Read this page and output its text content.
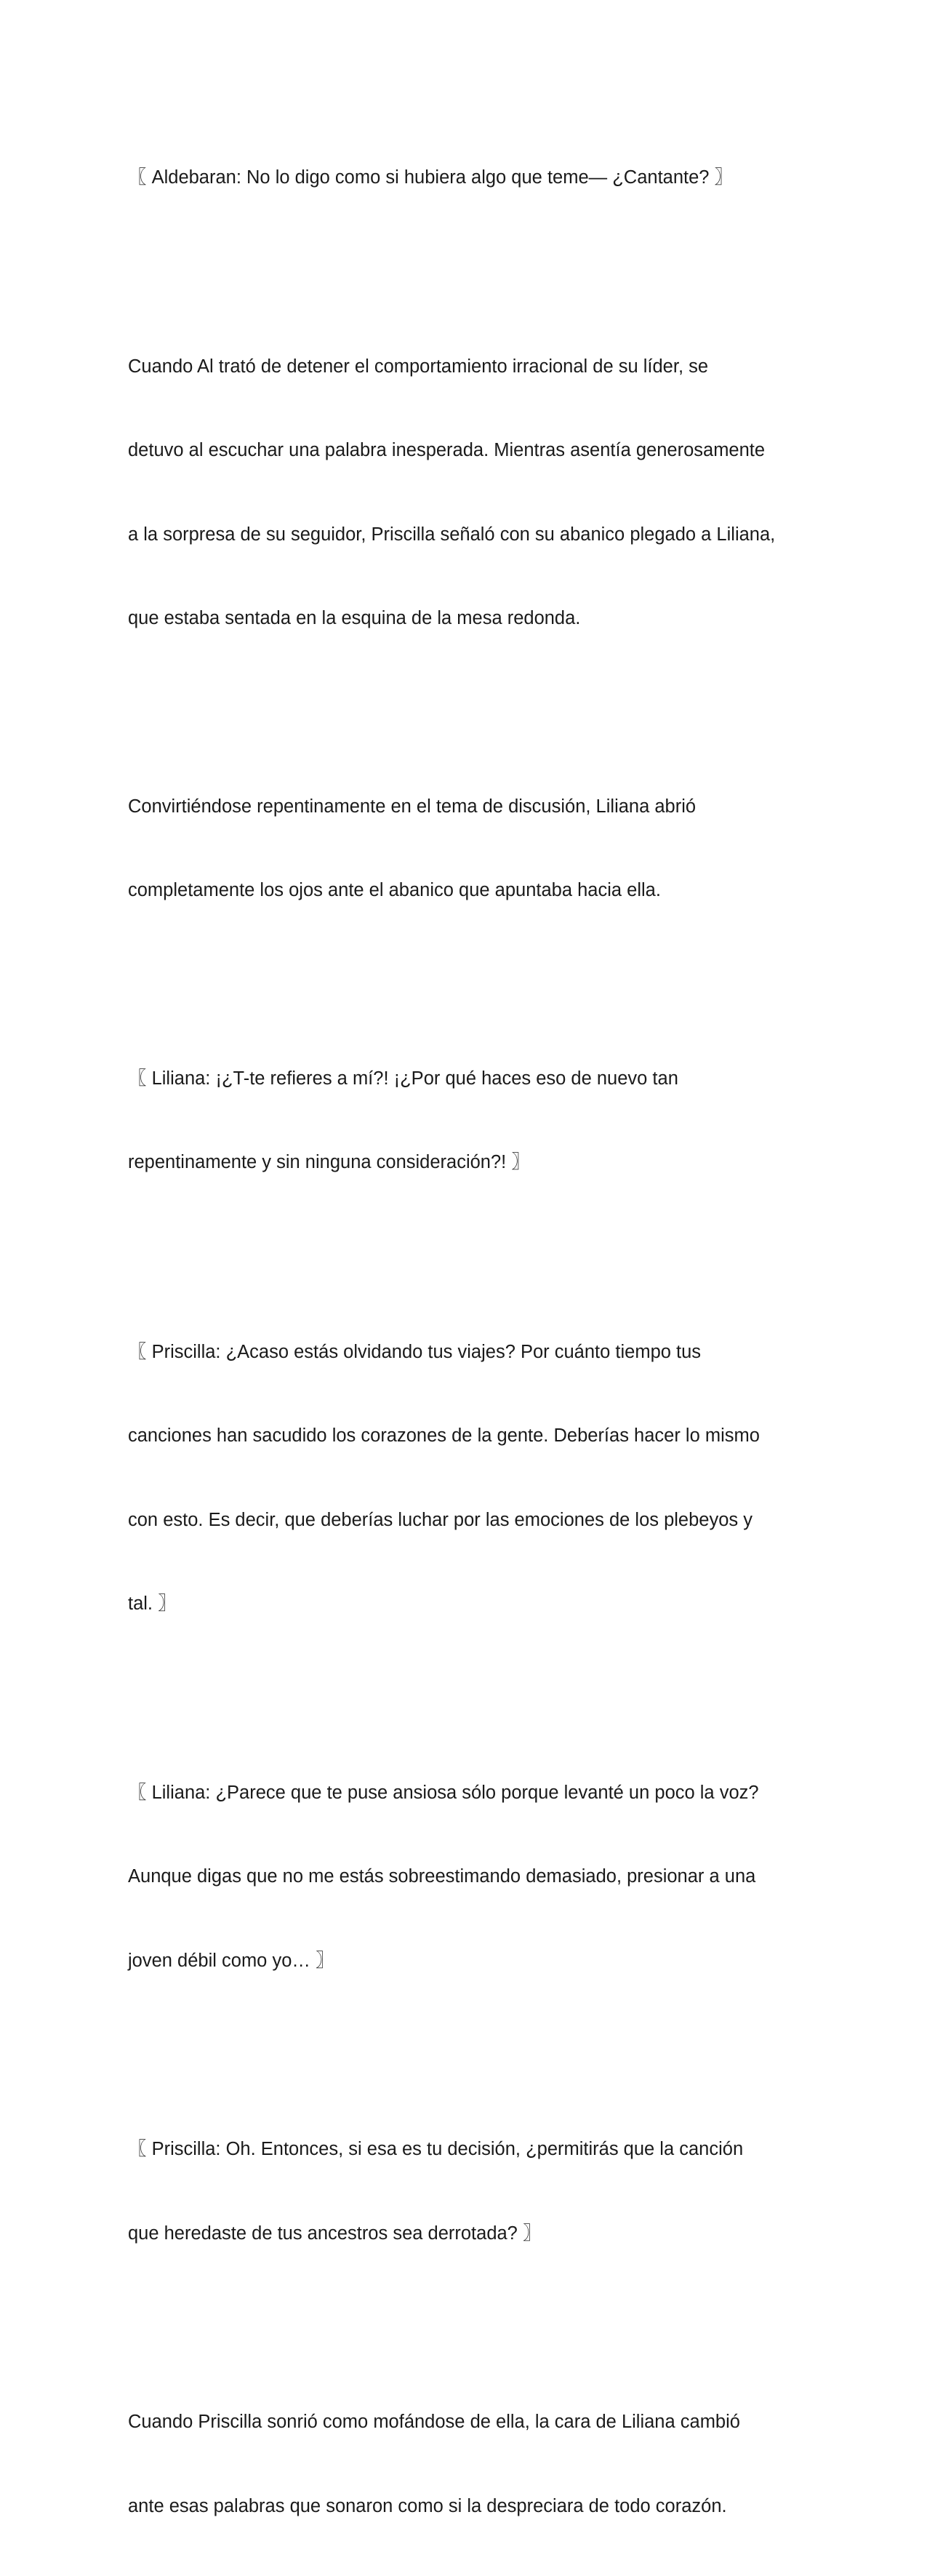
〖 Aldebaran: No lo digo como si hubiera algo que teme— ¿Cantante? 〗

Cuando Al trató de detener el comportamiento irracional de su líder, se

detuvo al escuchar una palabra inesperada. Mientras asentía generosamente

a la sorpresa de su seguidor, Priscilla señaló con su abanico plegado a Liliana,

que estaba sentada en la esquina de la mesa redonda.

Convirtiéndose repentinamente en el tema de discusión, Liliana abrió

completamente los ojos ante el abanico que apuntaba hacia ella.

〖 Liliana: ¡¿T-te refieres a mí?! ¡¿Por qué haces eso de nuevo tan

repentinamente y sin ninguna consideración?! 〗

〖 Priscilla: ¿Acaso estás olvidando tus viajes? Por cuánto tiempo tus

canciones han sacudido los corazones de la gente. Deberías hacer lo mismo

con esto. Es decir, que deberías luchar por las emociones de los plebeyos y

tal. 〗

〖 Liliana: ¿Parece que te puse ansiosa sólo porque levanté un poco la voz?

Aunque digas que no me estás sobreestimando demasiado, presionar a una

joven débil como yo… 〗

〖 Priscilla: Oh. Entonces, si esa es tu decisión, ¿permitirás que la canción

que heredaste de tus ancestros sea derrotada? 〗

Cuando Priscilla sonrió como mofándose de ella, la cara de Liliana cambió

ante esas palabras que sonaron como si la despreciara de todo corazón.
